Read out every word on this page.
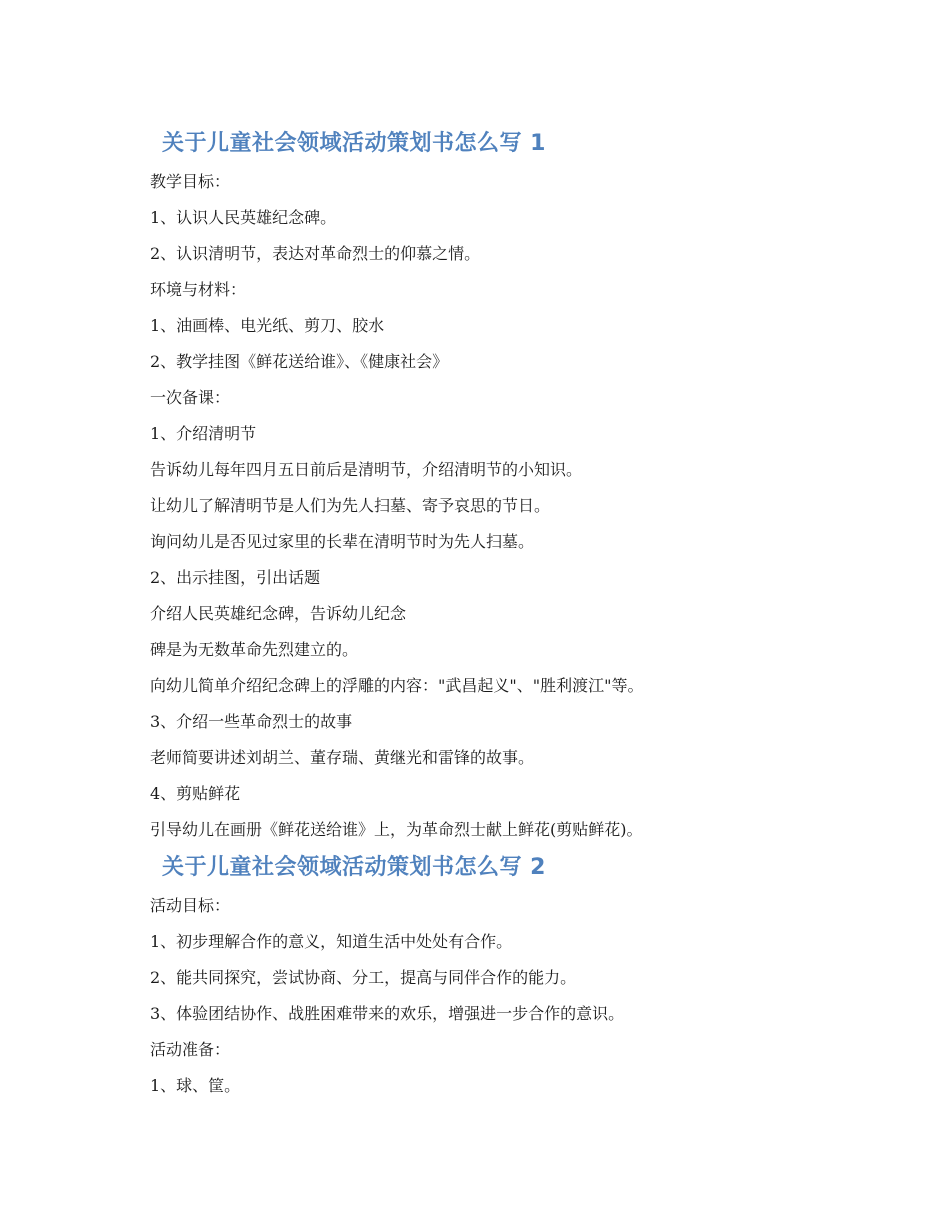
关于儿童社会领域活动策划书怎么写 1

教学目标：

1、认识人民英雄纪念碑。

2、认识清明节，表达对革命烈士的仰慕之情。

环境与材料：

1、油画棒、电光纸、剪刀、胶水

2、教学挂图《鲜花送给谁》、《健康社会》

一次备课：

1、介绍清明节

告诉幼儿每年四月五日前后是清明节，介绍清明节的小知识。

让幼儿了解清明节是人们为先人扫墓、寄予哀思的节日。

询问幼儿是否见过家里的长辈在清明节时为先人扫墓。

2、出示挂图，引出话题

介绍人民英雄纪念碑，告诉幼儿纪念

碑是为无数革命先烈建立的。

向幼儿简单介绍纪念碑上的浮雕的内容："武昌起义"、"胜利渡江"等。

3、介绍一些革命烈士的故事

老师简要讲述刘胡兰、董存瑞、黄继光和雷锋的故事。

4、剪贴鲜花

引导幼儿在画册《鲜花送给谁》上，为革命烈士献上鲜花(剪贴鲜花)。

关于儿童社会领域活动策划书怎么写 2

活动目标：

1、初步理解合作的意义，知道生活中处处有合作。

2、能共同探究，尝试协商、分工，提高与同伴合作的能力。

3、体验团结协作、战胜困难带来的欢乐，增强进一步合作的意识。

活动准备：

1、球、筐。
